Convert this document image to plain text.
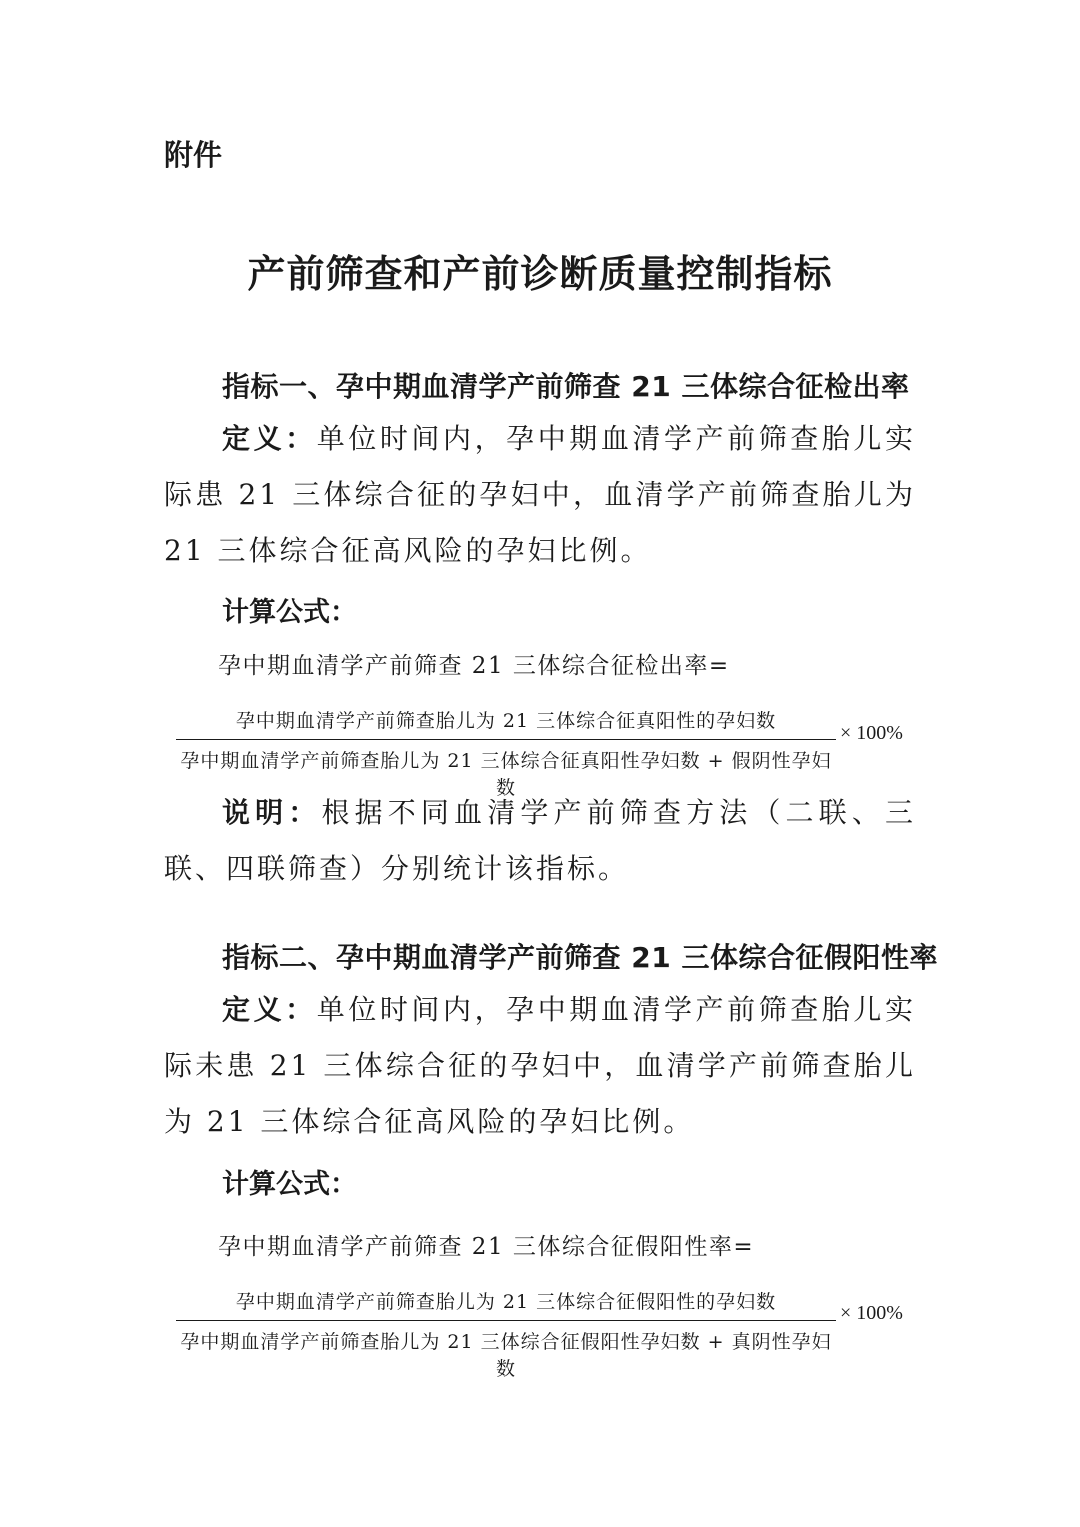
附件
产前筛查和产前诊断质量控制指标
指标一、孕中期血清学产前筛查 21 三体综合征检出率
定义：单位时间内，孕中期血清学产前筛查胎儿实际患 21 三体综合征的孕妇中，血清学产前筛查胎儿为 21 三体综合征高风险的孕妇比例。
计算公式：
孕中期血清学产前筛查 21 三体综合征检出率=
孕中期血清学产前筛查胎儿为 21 三体综合征真阳性的孕妇数
孕中期血清学产前筛查胎儿为 21 三体综合征真阳性孕妇数 + 假阴性孕妇数
× 100%
说明：根据不同血清学产前筛查方法（二联、三联、四联筛查）分别统计该指标。
指标二、孕中期血清学产前筛查 21 三体综合征假阳性率
定义：单位时间内，孕中期血清学产前筛查胎儿实际未患 21 三体综合征的孕妇中，血清学产前筛查胎儿为 21 三体综合征高风险的孕妇比例。
计算公式：
孕中期血清学产前筛查 21 三体综合征假阳性率=
孕中期血清学产前筛查胎儿为 21 三体综合征假阳性的孕妇数
孕中期血清学产前筛查胎儿为 21 三体综合征假阳性孕妇数 + 真阴性孕妇数
× 100%
